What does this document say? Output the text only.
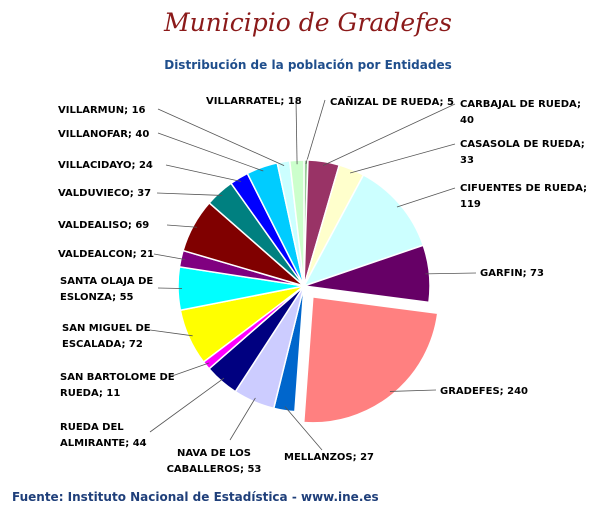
Municipio de Gradefes
Distribución de la población por Entidades
CAÑIZAL DE RUEDA; 5 CARBAJAL DE RUEDA; 40
CASASOLA DE RUEDA; 33
CIFUENTES DE RUEDA; 119
GARFIN; 73
GRADEFES; 240
MELLANZOS; 27
NAVA DE LOS CABALLEROS; 53
RUEDA DEL ALMIRANTE; 44
SAN BARTOLOME DE RUEDA; 11
SAN MIGUEL DE ESCALADA; 72
SANTA OLAJA DE ESLONZA; 55
VALDEALCON; 21
VALDEALISO; 69
VALDUVIECO; 37
VILLACIDAYO; 24
VILLANOFAR; 40
VILLARMUN; 16
VILLARRATEL; 18
Fuente: Instituto Nacional de Estadística - www.ine.es
